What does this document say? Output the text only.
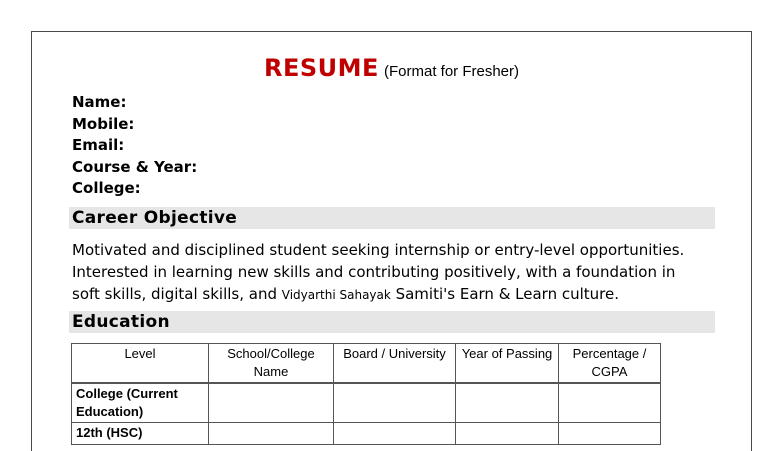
RESUME (Format for Fresher)
Name:
Mobile:
Email:
Course & Year:
College:
Career Objective
Motivated and disciplined student seeking internship or entry-level opportunities.
Interested in learning new skills and contributing positively, with a foundation in
soft skills, digital skills, and Vidyarthi Sahayak Samiti's Earn & Learn culture.
Education
Level	School/College Name	Board / University	Year of Passing	Percentage / CGPA
College (Current Education)				
12th (HSC)				
